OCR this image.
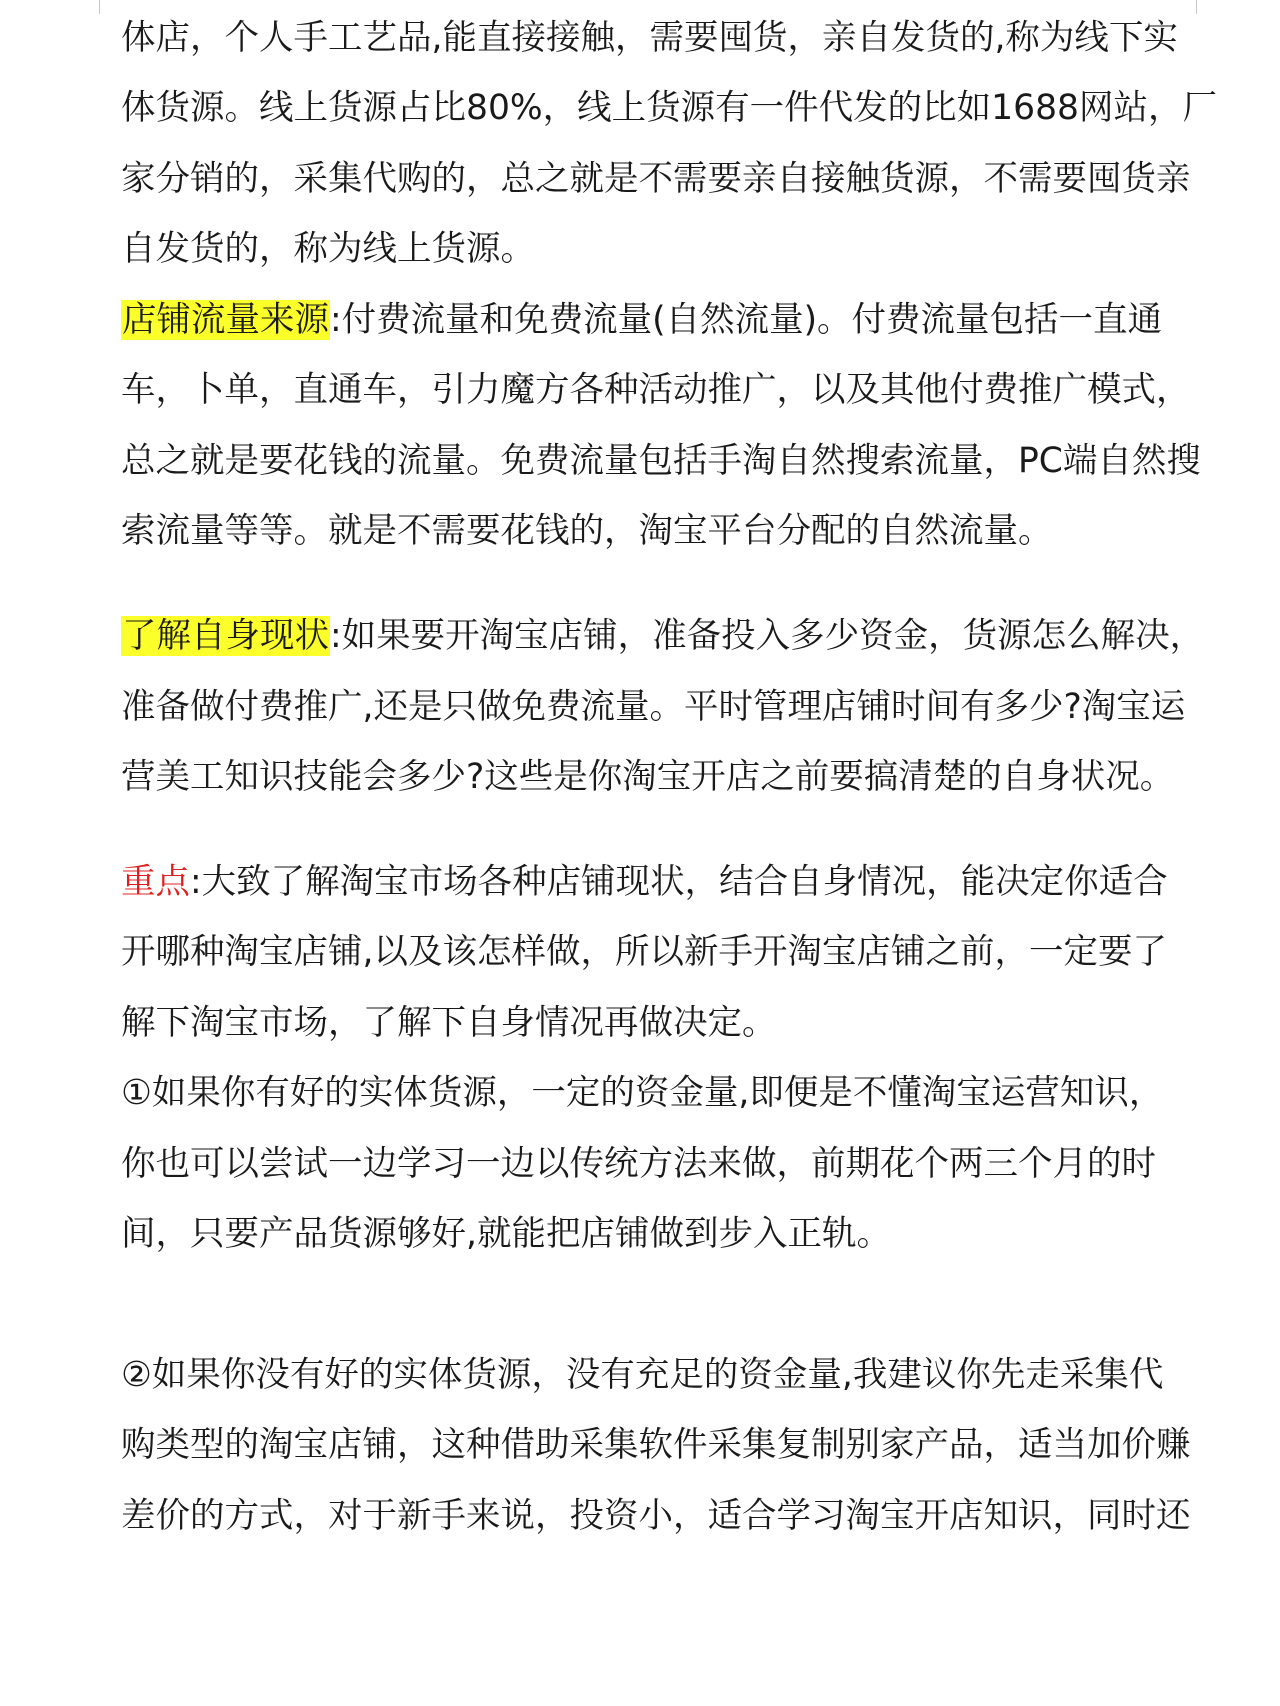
体店，个人手工艺品,能直接接触，需要囤货，亲自发货的,称为线下实
体货源。线上货源占比80%，线上货源有一件代发的比如1688网站，厂
家分销的，采集代购的，总之就是不需要亲自接触货源，不需要囤货亲
自发货的，称为线上货源。
店铺流量来源:付费流量和免费流量(自然流量)。付费流量包括一直通
车，卜单，直通车，引力魔方各种活动推广，以及其他付费推广模式，
总之就是要花钱的流量。免费流量包括手淘自然搜索流量，PC端自然搜
索流量等等。就是不需要花钱的，淘宝平台分配的自然流量。
了解自身现状:如果要开淘宝店铺，准备投入多少资金，货源怎么解决，
准备做付费推广,还是只做免费流量。平时管理店铺时间有多少?淘宝运
营美工知识技能会多少?这些是你淘宝开店之前要搞清楚的自身状况。
重点:大致了解淘宝市场各种店铺现状，结合自身情况，能决定你适合
开哪种淘宝店铺,以及该怎样做，所以新手开淘宝店铺之前，一定要了
解下淘宝市场，了解下自身情况再做决定。
①如果你有好的实体货源，一定的资金量,即便是不懂淘宝运营知识，
你也可以尝试一边学习一边以传统方法来做，前期花个两三个月的时
间，只要产品货源够好,就能把店铺做到步入正轨。
②如果你没有好的实体货源，没有充足的资金量,我建议你先走采集代
购类型的淘宝店铺，这种借助采集软件采集复制别家产品，适当加价赚
差价的方式，对于新手来说，投资小，适合学习淘宝开店知识，同时还
